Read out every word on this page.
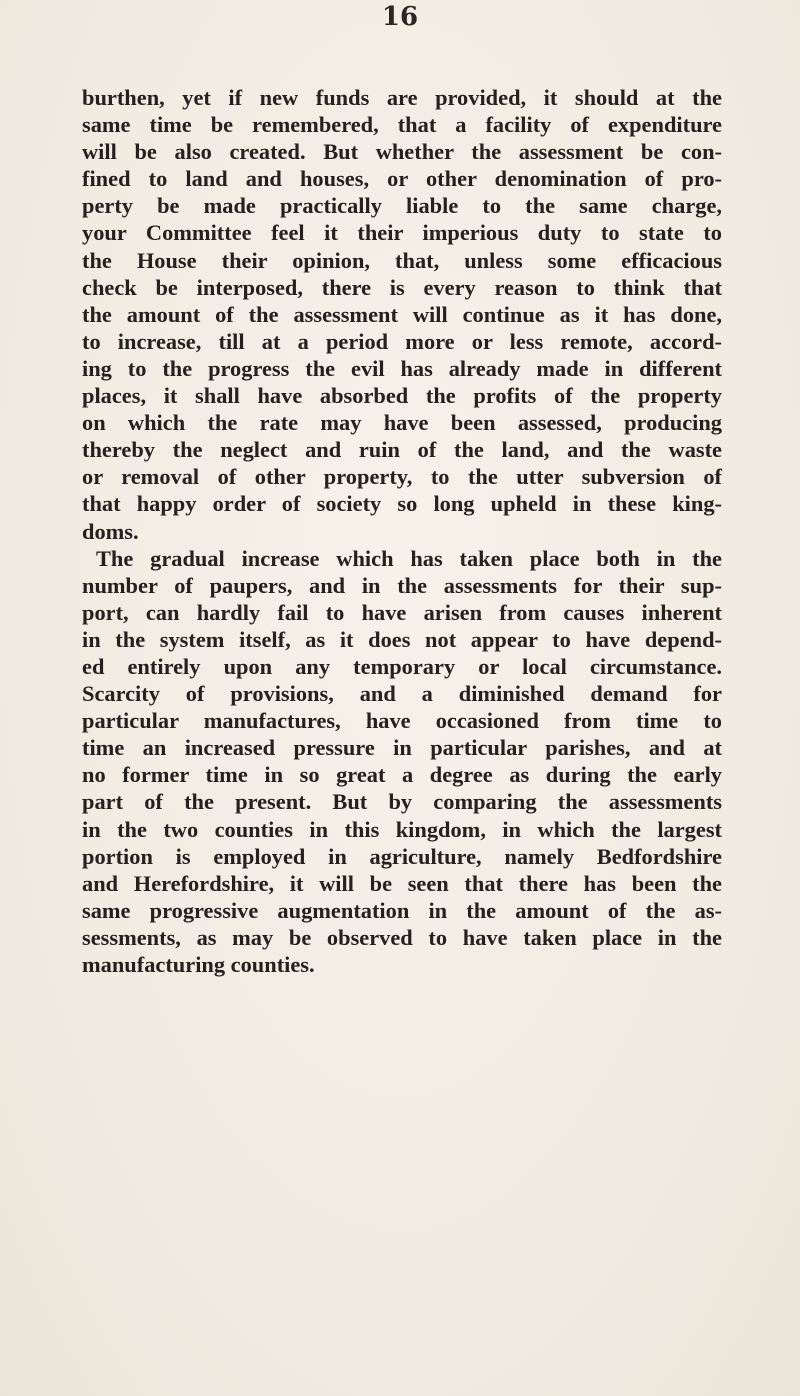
16
burthen, yet if new funds are provided, it should at the
same time be remembered, that a facility of expenditure
will be also created. But whether the assessment be con-
fined to land and houses, or other denomination of pro-
perty be made practically liable to the same charge,
your Committee feel it their imperious duty to state to
the House their opinion, that, unless some efficacious
check be interposed, there is every reason to think that
the amount of the assessment will continue as it has done,
to increase, till at a period more or less remote, accord-
ing to the progress the evil has already made in different
places, it shall have absorbed the profits of the property
on which the rate may have been assessed, producing
thereby the neglect and ruin of the land, and the waste
or removal of other property, to the utter subversion of
that happy order of society so long upheld in these king-
doms.
The gradual increase which has taken place both in the
number of paupers, and in the assessments for their sup-
port, can hardly fail to have arisen from causes inherent
in the system itself, as it does not appear to have depend-
ed entirely upon any temporary or local circumstance.
Scarcity of provisions, and a diminished demand for
particular manufactures, have occasioned from time to
time an increased pressure in particular parishes, and at
no former time in so great a degree as during the early
part of the present. But by comparing the assessments
in the two counties in this kingdom, in which the largest
portion is employed in agriculture, namely Bedfordshire
and Herefordshire, it will be seen that there has been the
same progressive augmentation in the amount of the as-
sessments, as may be observed to have taken place in the
manufacturing counties.
